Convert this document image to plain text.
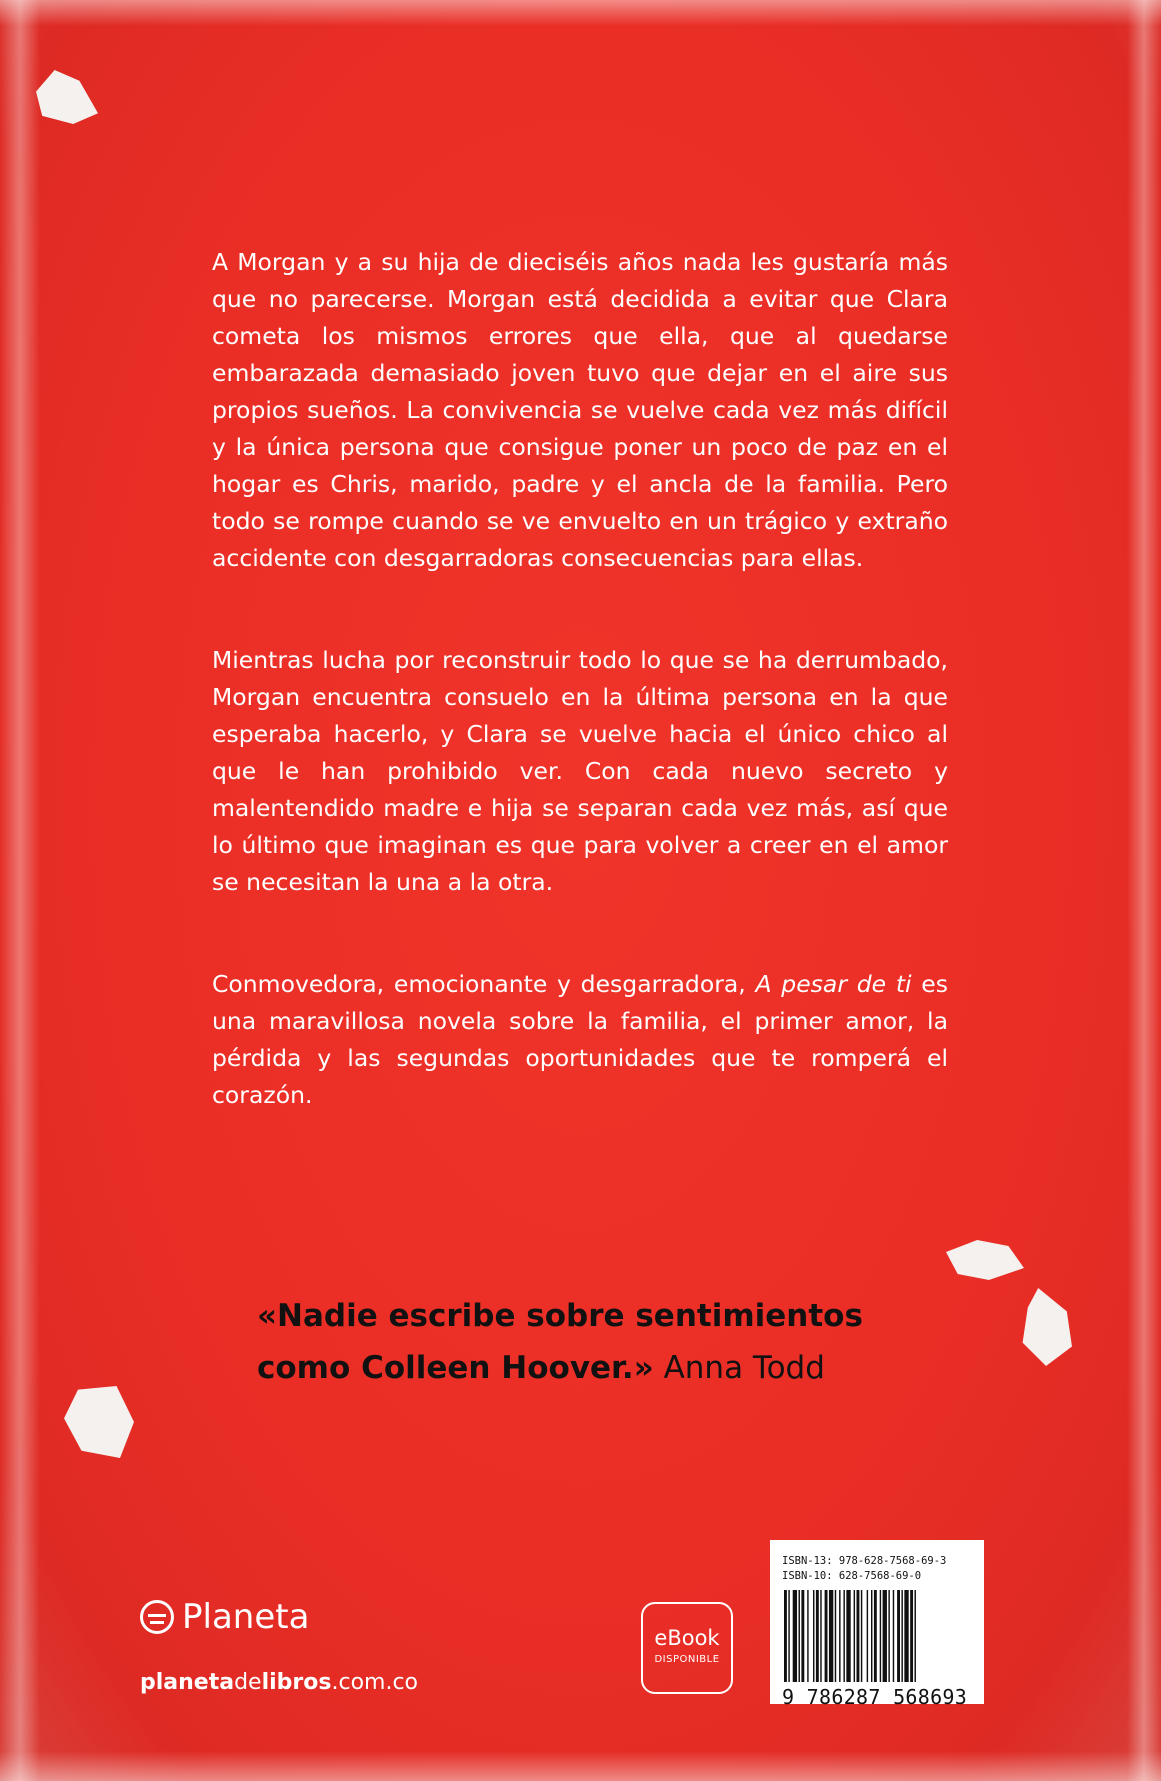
A Morgan y a su hija de dieciséis años nada les gustaría más que no parecerse. Morgan está decidida a evitar que Clara cometa los mismos errores que ella, que al quedarse embarazada demasiado joven tuvo que dejar en el aire sus propios sueños. La convivencia se vuelve cada vez más difícil y la única persona que consigue poner un poco de paz en el hogar es Chris, marido, padre y el ancla de la familia. Pero todo se rompe cuando se ve envuelto en un trágico y extraño accidente con desgarradoras consecuencias para ellas.

Mientras lucha por reconstruir todo lo que se ha derrumbado, Morgan encuentra consuelo en la última persona en la que esperaba hacerlo, y Clara se vuelve hacia el único chico al que le han prohibido ver. Con cada nuevo secreto y malentendido madre e hija se separan cada vez más, así que lo último que imaginan es que para volver a creer en el amor se necesitan la una a la otra.

Conmovedora, emocionante y desgarradora, A pesar de ti es una maravillosa novela sobre la familia, el primer amor, la pérdida y las segundas oportunidades que te romperá el corazón.

«Nadie escribe sobre sentimientos como Colleen Hoover.» Anna Todd
Planeta
planetadelibros.com.co
eBook
DISPONIBLE
ISBN-13: 978-628-7568-69-3
ISBN-10: 628-7568-69-0
9 786287 568693
